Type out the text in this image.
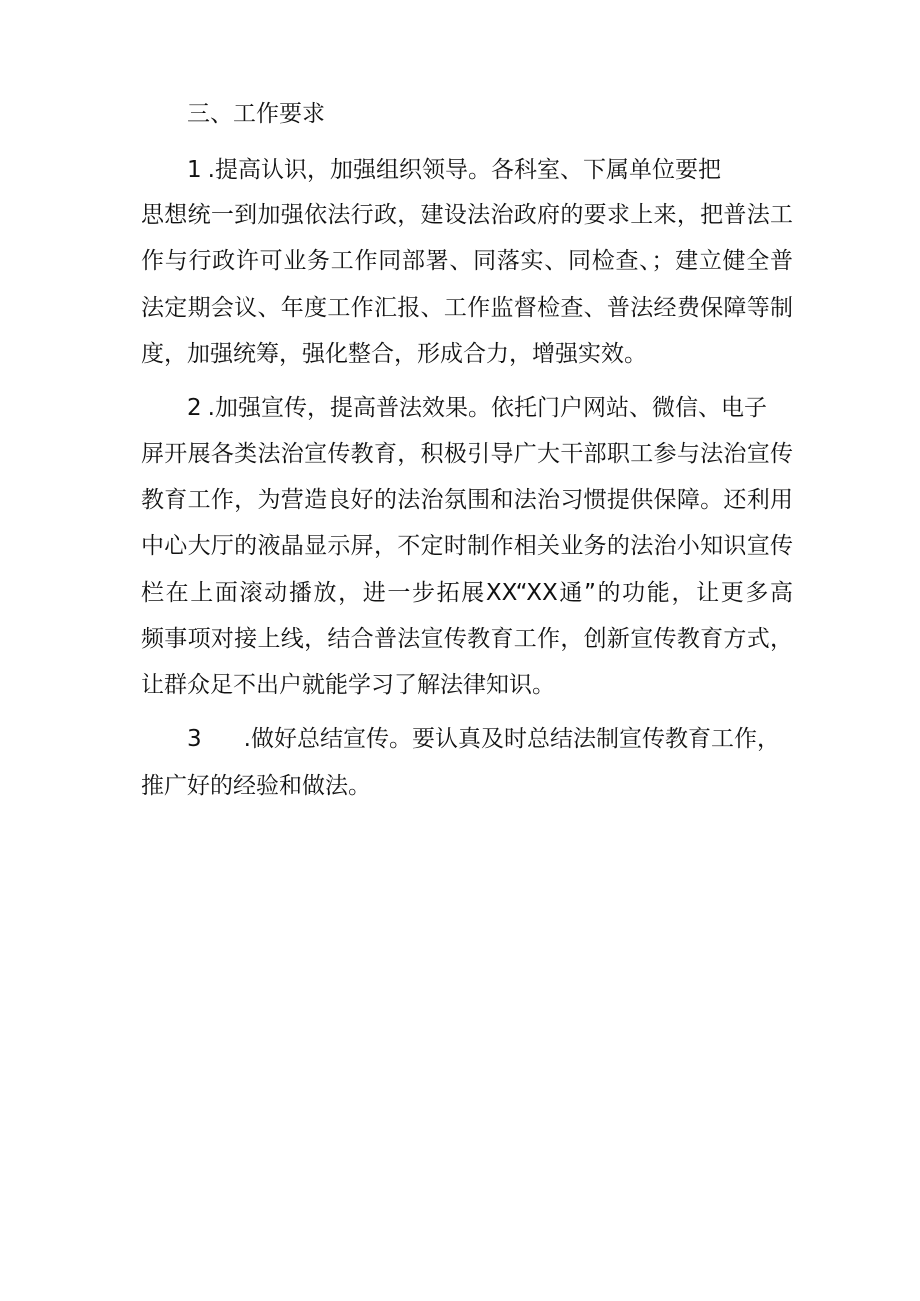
三、工作要求
1 .提高认识，加强组织领导。各科室、下属单位要把
思想统一到加强依法行政，建设法治政府的要求上来，把普法工
作与行政许可业务工作同部署、同落实、同检查、；建立健全普
法定期会议、年度工作汇报、工作监督检查、普法经费保障等制
度，加强统筹，强化整合，形成合力，增强实效。
2 .加强宣传，提高普法效果。依托门户网站、微信、电子
屏开展各类法治宣传教育，积极引导广大干部职工参与法治宣传
教育工作，为营造良好的法治氛围和法治习惯提供保障。还利用
中心大厅的液晶显示屏，不定时制作相关业务的法治小知识宣传
栏在上面滚动播放，进一步拓展XX“XX通”的功能，让更多高
频事项对接上线，结合普法宣传教育工作，创新宣传教育方式，
让群众足不出户就能学习了解法律知识。
3 .做好总结宣传。要认真及时总结法制宣传教育工作，
推广好的经验和做法。
